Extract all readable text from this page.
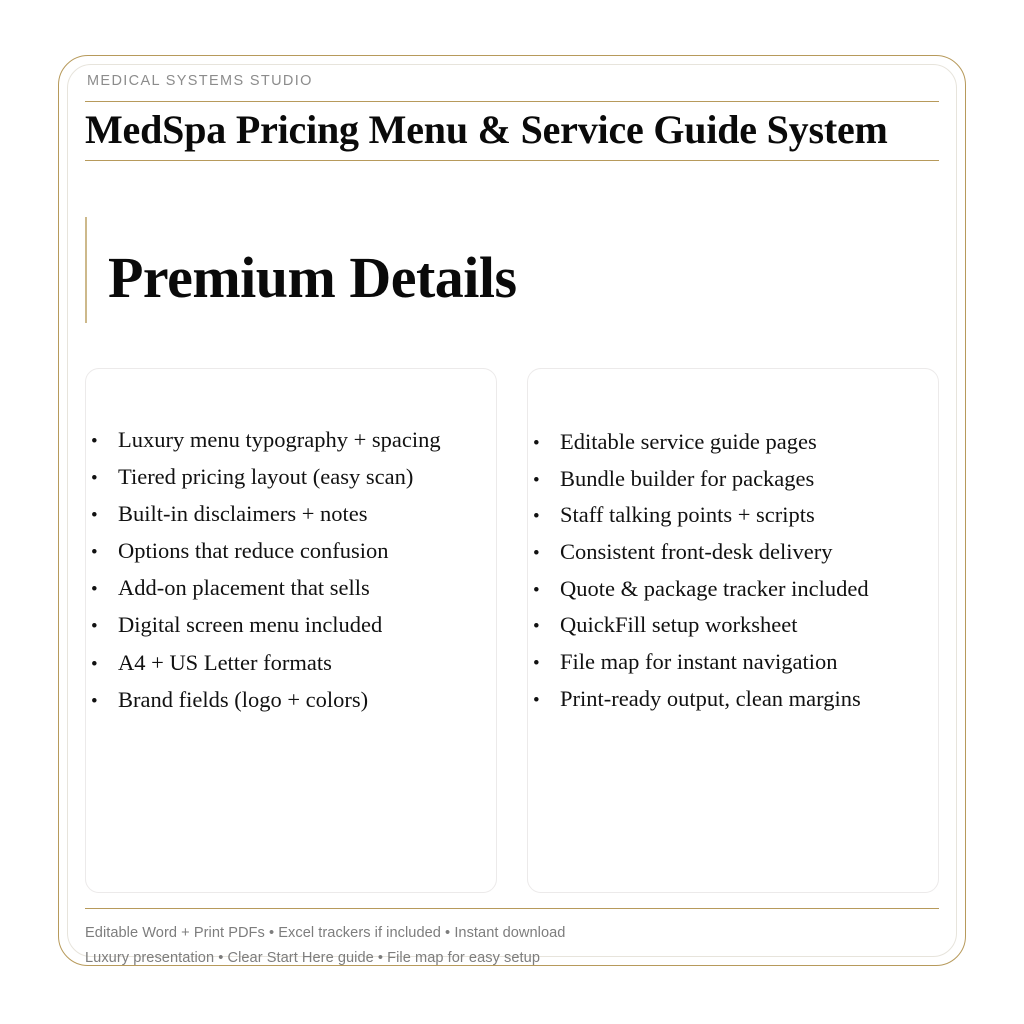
MEDICAL SYSTEMS STUDIO
MedSpa Pricing Menu & Service Guide System
Premium Details
• Luxury menu typography + spacing
• Tiered pricing layout (easy scan)
• Built-in disclaimers + notes
• Options that reduce confusion
• Add-on placement that sells
• Digital screen menu included
• A4 + US Letter formats
• Brand fields (logo + colors)
• Editable service guide pages
• Bundle builder for packages
• Staff talking points + scripts
• Consistent front-desk delivery
• Quote & package tracker included
• QuickFill setup worksheet
• File map for instant navigation
• Print-ready output, clean margins
Editable Word + Print PDFs • Excel trackers if included • Instant download
Luxury presentation • Clear Start Here guide • File map for easy setup
